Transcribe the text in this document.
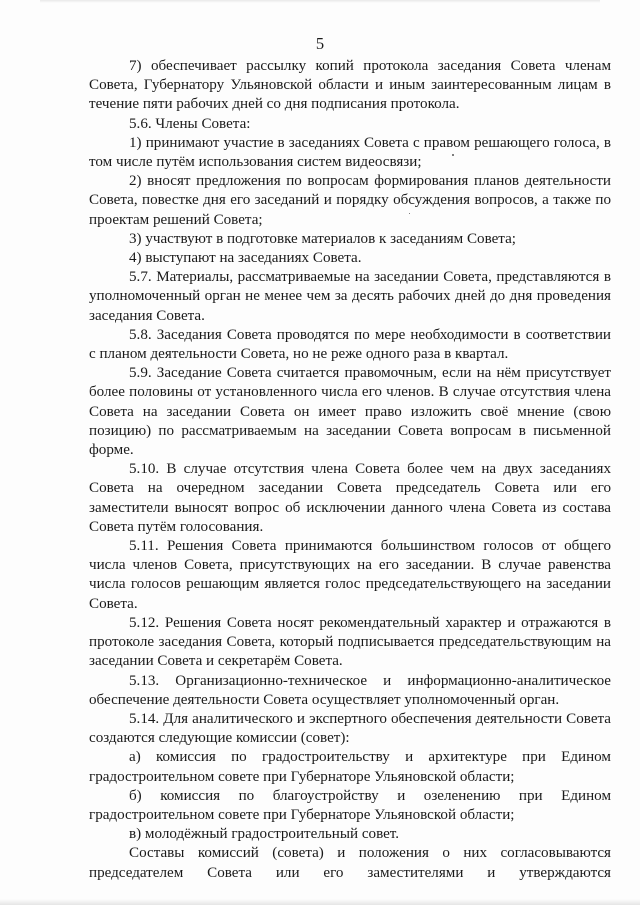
5

7) обеспечивает рассылку копий протокола заседания Совета членам Совета, Губернатору Ульяновской области и иным заинтересованным лицам в течение пяти рабочих дней со дня подписания протокола.

5.6. Члены Совета:

1) принимают участие в заседаниях Совета с правом решающего голоса, в том числе путём использования систем видеосвязи;

2) вносят предложения по вопросам формирования планов деятельности Совета, повестке дня его заседаний и порядку обсуждения вопросов, а также по проектам решений Совета;

3) участвуют в подготовке материалов к заседаниям Совета;

4) выступают на заседаниях Совета.

5.7. Материалы, рассматриваемые на заседании Совета, представляются в уполномоченный орган не менее чем за десять рабочих дней до дня проведения заседания Совета.

5.8. Заседания Совета проводятся по мере необходимости в соответствии с планом деятельности Совета, но не реже одного раза в квартал.

5.9. Заседание Совета считается правомочным, если на нём присутствует более половины от установленного числа его членов. В случае отсутствия члена Совета на заседании Совета он имеет право изложить своё мнение (свою позицию) по рассматриваемым на заседании Совета вопросам в письменной форме.

5.10. В случае отсутствия члена Совета более чем на двух заседаниях Совета на очередном заседании Совета председатель Совета или его заместители выносят вопрос об исключении данного члена Совета из состава Совета путём голосования.

5.11. Решения Совета принимаются большинством голосов от общего числа членов Совета, присутствующих на его заседании. В случае равенства числа голосов решающим является голос председательствующего на заседании Совета.

5.12. Решения Совета носят рекомендательный характер и отражаются в протоколе заседания Совета, который подписывается председательствующим на заседании Совета и секретарём Совета.

5.13. Организационно-техническое и информационно-аналитическое обеспечение деятельности Совета осуществляет уполномоченный орган.

5.14. Для аналитического и экспертного обеспечения деятельности Совета создаются следующие комиссии (совет):

а) комиссия по градостроительству и архитектуре при Едином градостроительном совете при Губернаторе Ульяновской области;

б) комиссия по благоустройству и озеленению при Едином градостроительном совете при Губернаторе Ульяновской области;

в) молодёжный градостроительный совет.

Составы комиссий (совета) и положения о них согласовываются председателем Совета или его заместителями и утверждаются
